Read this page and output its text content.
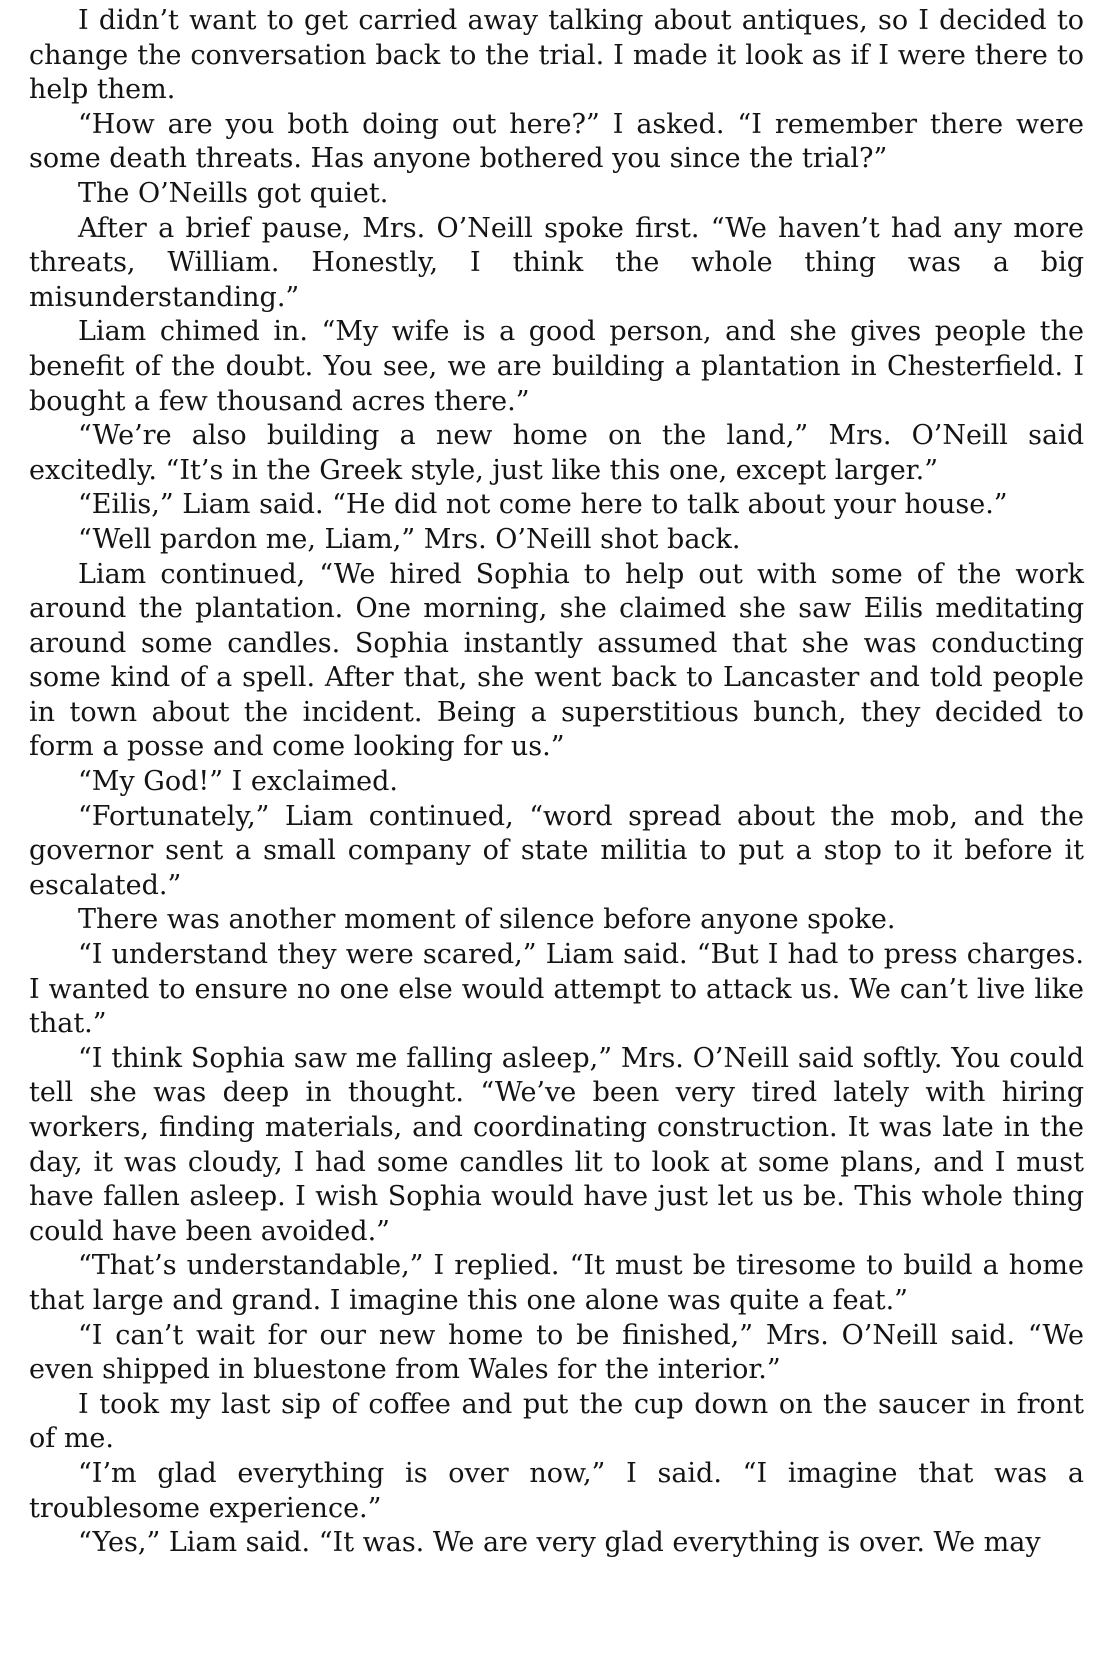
I didn’t want to get carried away talking about antiques, so I decided to change the conversation back to the trial. I made it look as if I were there to help them.

“How are you both doing out here?” I asked. “I remember there were some death threats. Has anyone bothered you since the trial?”

The O’Neills got quiet.

After a brief pause, Mrs. O’Neill spoke first. “We haven’t had any more threats, William. Honestly, I think the whole thing was a big misunderstanding.”

Liam chimed in. “My wife is a good person, and she gives people the benefit of the doubt. You see, we are building a plantation in Chesterfield. I bought a few thousand acres there.”

“We’re also building a new home on the land,” Mrs. O’Neill said excitedly. “It’s in the Greek style, just like this one, except larger.”

“Eilis,” Liam said. “He did not come here to talk about your house.”

“Well pardon me, Liam,” Mrs. O’Neill shot back.

Liam continued, “We hired Sophia to help out with some of the work around the plantation. One morning, she claimed she saw Eilis meditating around some candles. Sophia instantly assumed that she was conducting some kind of a spell. After that, she went back to Lancaster and told people in town about the incident. Being a superstitious bunch, they decided to form a posse and come looking for us.”

“My God!” I exclaimed.

“Fortunately,” Liam continued, “word spread about the mob, and the governor sent a small company of state militia to put a stop to it before it escalated.”

There was another moment of silence before anyone spoke.

“I understand they were scared,” Liam said. “But I had to press charges. I wanted to ensure no one else would attempt to attack us. We can’t live like that.”

“I think Sophia saw me falling asleep,” Mrs. O’Neill said softly. You could tell she was deep in thought. “We’ve been very tired lately with hiring workers, finding materials, and coordinating construction. It was late in the day, it was cloudy, I had some candles lit to look at some plans, and I must have fallen asleep. I wish Sophia would have just let us be. This whole thing could have been avoided.”

“That’s understandable,” I replied. “It must be tiresome to build a home that large and grand. I imagine this one alone was quite a feat.”

“I can’t wait for our new home to be finished,” Mrs. O’Neill said. “We even shipped in bluestone from Wales for the interior.”

I took my last sip of coffee and put the cup down on the saucer in front of me.

“I’m glad everything is over now,” I said. “I imagine that was a troublesome experience.”

“Yes,” Liam said. “It was. We are very glad everything is over. We may
